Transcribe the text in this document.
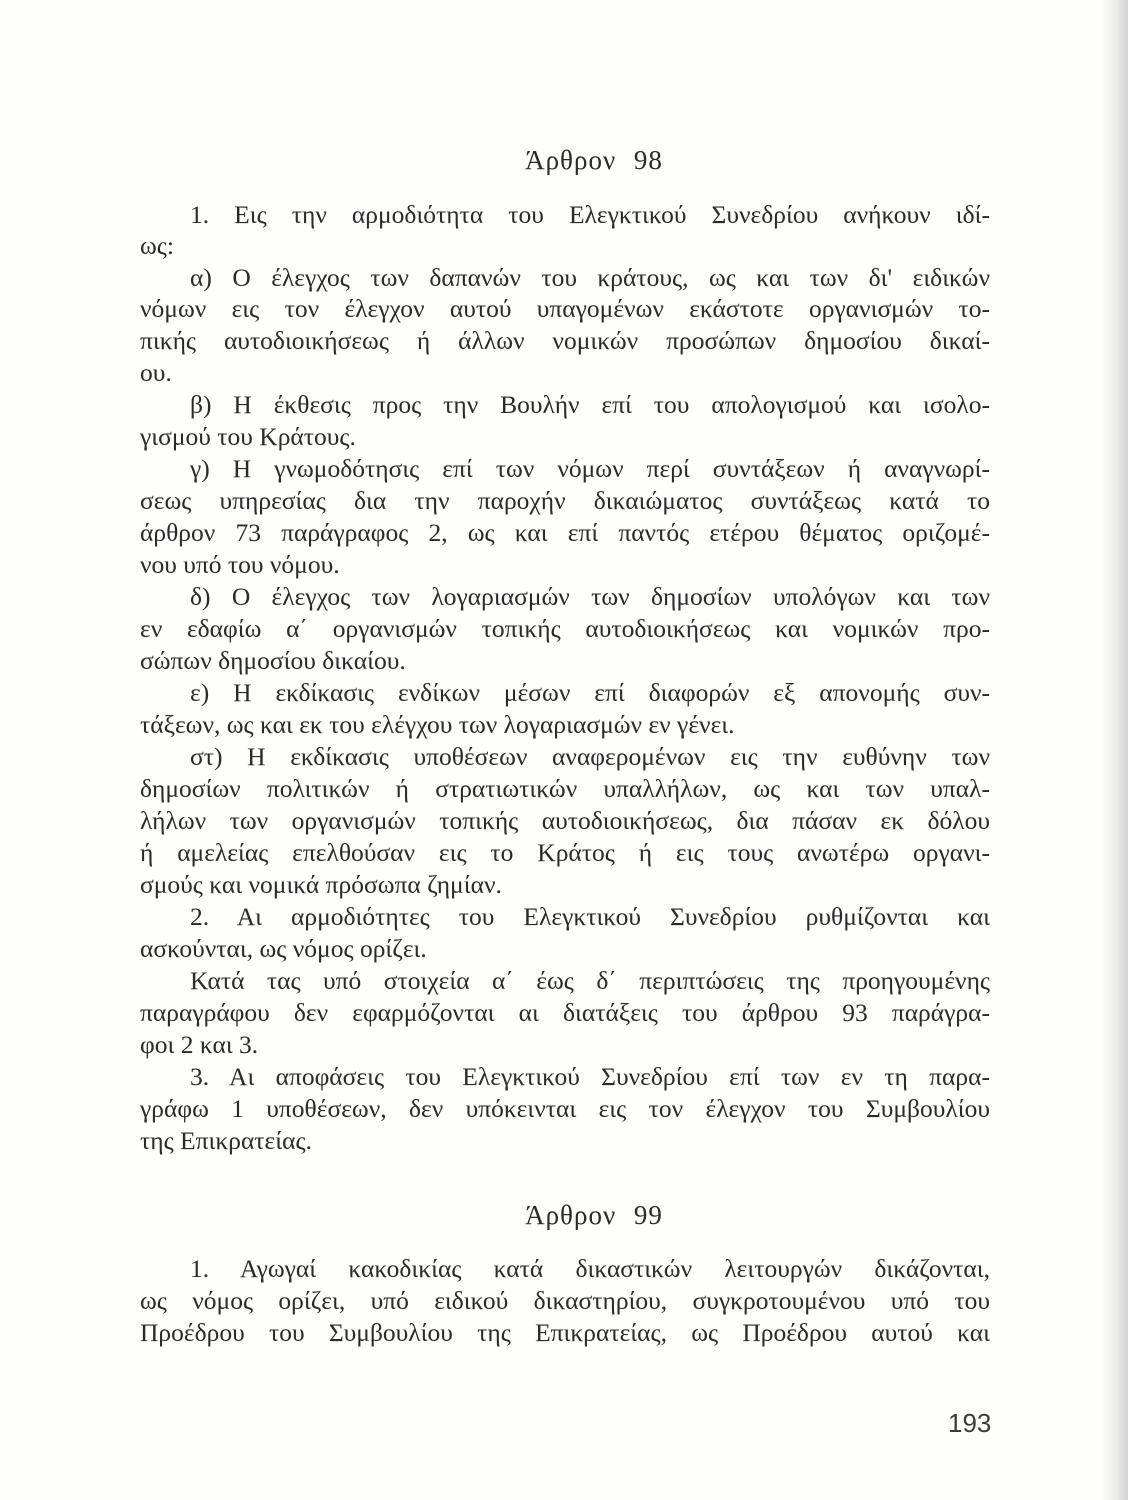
Άρθρον 98
1. Εις την αρμοδιότητα του Ελεγκτικού Συνεδρίου ανήκουν ιδί-
ως:
α) Ο έλεγχος των δαπανών του κράτους, ως και των δι' ειδικών
νόμων εις τον έλεγχον αυτού υπαγομένων εκάστοτε οργανισμών το-
πικής αυτοδιοικήσεως ή άλλων νομικών προσώπων δημοσίου δικαί-
ου.
β) Η έκθεσις προς την Βουλήν επί του απολογισμού και ισολο-
γισμού του Κράτους.
γ) Η γνωμοδότησις επί των νόμων περί συντάξεων ή αναγνωρί-
σεως υπηρεσίας δια την παροχήν δικαιώματος συντάξεως κατά το
άρθρον 73 παράγραφος 2, ως και επί παντός ετέρου θέματος οριζομέ-
νου υπό του νόμου.
δ) Ο έλεγχος των λογαριασμών των δημοσίων υπολόγων και των
εν εδαφίω α΄ οργανισμών τοπικής αυτοδιοικήσεως και νομικών προ-
σώπων δημοσίου δικαίου.
ε) Η εκδίκασις ενδίκων μέσων επί διαφορών εξ απονομής συν-
τάξεων, ως και εκ του ελέγχου των λογαριασμών εν γένει.
στ) Η εκδίκασις υποθέσεων αναφερομένων εις την ευθύνην των
δημοσίων πολιτικών ή στρατιωτικών υπαλλήλων, ως και των υπαλ-
λήλων των οργανισμών τοπικής αυτοδιοικήσεως, δια πάσαν εκ δόλου
ή αμελείας επελθούσαν εις το Κράτος ή εις τους ανωτέρω οργανι-
σμούς και νομικά πρόσωπα ζημίαν.
2. Αι αρμοδιότητες του Ελεγκτικού Συνεδρίου ρυθμίζονται και
ασκούνται, ως νόμος ορίζει.
Κατά τας υπό στοιχεία α΄ έως δ΄ περιπτώσεις της προηγουμένης
παραγράφου δεν εφαρμόζονται αι διατάξεις του άρθρου 93 παράγρα-
φοι 2 και 3.
3. Αι αποφάσεις του Ελεγκτικού Συνεδρίου επί των εν τη παρα-
γράφω 1 υποθέσεων, δεν υπόκεινται εις τον έλεγχον του Συμβουλίου
της Επικρατείας.
Άρθρον 99
1. Αγωγαί κακοδικίας κατά δικαστικών λειτουργών δικάζονται,
ως νόμος ορίζει, υπό ειδικού δικαστηρίου, συγκροτουμένου υπό του
Προέδρου του Συμβουλίου της Επικρατείας, ως Προέδρου αυτού και
193
